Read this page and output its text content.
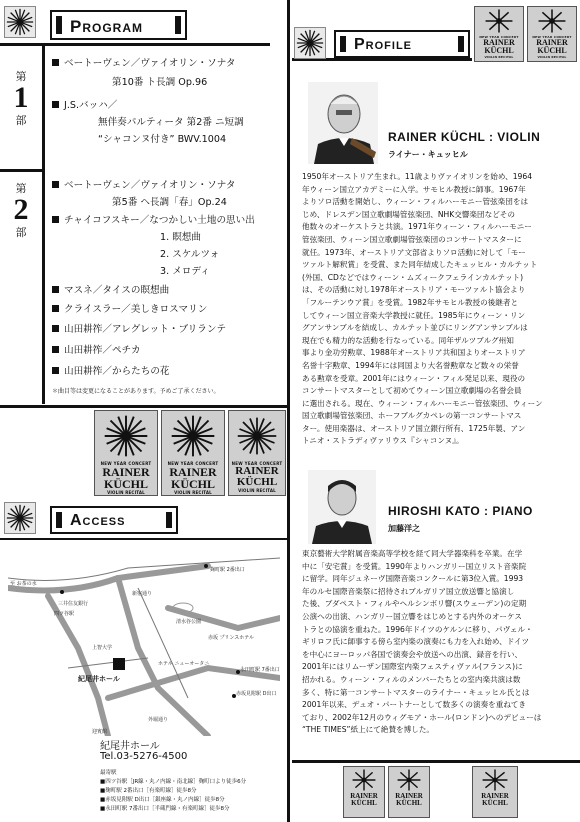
Program
第
1
部
第
2
部
ベートーヴェン／ヴァイオリン・ソナタ
第10番 ト長調 Op.96
J.S.バッハ／
無伴奏パルティータ 第2番 ニ短調
“シャコンヌ付き” BWV.1004
ベートーヴェン／ヴァイオリン・ソナタ
第5番 ヘ長調「春」Op.24
チャイコフスキー／なつかしい土地の思い出
1. 瞑想曲
2. スケルツォ
3. メロディ
マスネ／タイスの瞑想曲
クライスラー／美しきロスマリン
山田耕筰／アレグレット・ブリランテ
山田耕筰／ペチカ
山田耕筰／からたちの花
＊曲目等は変更になることがあります。予めご了承ください。
NEW YEAR CONCERT
RAINER
KÜCHL
VIOLIN RECITAL
NEW YEAR CONCERT
RAINER
KÜCHL
VIOLIN RECITAL
NEW YEAR CONCERT
RAINER
KÜCHL
VIOLIN RECITAL
NEW YEAR CONCERT
RAINER
KÜCHL
VIOLIN RECITAL
NEW YEAR CONCERT
RAINER
KÜCHL
VIOLIN RECITAL
RAINER
KÜCHL
RAINER
KÜCHL
RAINER
KÜCHL
Profile
RAINER KÜCHL : VIOLIN
ライナー・キュッヒル
1950年オーストリア生まれ。11歳よりヴァイオリンを始め、1964
年ウィーン国立アカデミーに入学。サモヒル教授に師事。1967年
よりソロ活動を開始し、ウィーン・フィルハーモニー管弦楽団をは
じめ、ドレスデン国立歌劇場管弦楽団、NHK交響楽団などその
他数々のオーケストラと共演。1971年ウィーン・フィルハーモニー
管弦楽団、ウィーン国立歌劇場管弦楽団のコンサートマスターに
就任。1973年、オーストリア文部省よりソロ活動に対して「モー
ツァルト解釈賞」を受賞、また同年結成したキュッヒル・カルテット
(外国、CDなどではウィーン・ムズィークフェラインカルテット)
は、その活動に対し1978年オーストリア・モーツァルト協会より
「フルーテンウア賞」を受賞。1982年サモヒル教授の後継者と
してウィーン国立音楽大学教授に就任。1985年にウィーン・リン
グアンサンブルを結成し、カルテット並びにリングアンサンブルは
現在でも精力的な活動を行なっている。同年ザルツブルグ州知
事より金功労勲章、1988年オーストリア共和国よりオーストリア
名誉十字勲章、1994年には同国より大名誉勲章など数々の栄誉
ある勲章を受章。2001年にはウィーン・フィル発足以来、現役の
コンサートマスターとして初めてウィーン国立歌劇場の名誉会員
に選出される。現在、ウィーン・フィルハーモニー管弦楽団、ウィーン
国立歌劇場管弦楽団、ホーフブルグカペレの第一コンサートマス
ター。使用楽器は、オーストリア国立銀行所有、1725年製、アン
トニオ・ストラディヴァリウス『シャコンヌ』。
HIROSHI KATO : PIANO
加藤洋之
東京藝術大学附属音楽高等学校を経て同大学器楽科を卒業。在学
中に「安宅賞」を受賞。1990年よりハンガリー国立リスト音楽院
に留学。同年ジュネーヴ国際音楽コンクールに第3位入賞。1993
年のルセ国際音楽祭に招待されブルガリア国立放送響と協演し
た後、ブダペスト・フィルやヘルシンボリ響(スウェーデン)の定期
公演への出演、ハンガリー国立響をはじめとする内外のオーケス
トラとの協演を重ねた。1996年ドイツのケルンに移り、パヴェル・
ギリロフ氏に師事する傍ら室内楽の演奏にも力を入れ始め、ドイツ
を中心にヨーロッパ各国で演奏会や放送への出演、録音を行い、
2001年にはリムーザン国際室内楽フェスティヴァル(フランス)に
招かれる。ウィーン・フィルのメンバーたちとの室内楽共演は数
多く、特に第一コンサートマスターのライナー・キュッヒル氏とは
2001年以来、デュオ・パートナーとして数多くの演奏を重ねてき
ており、2002年12月のウィグモア・ホール(ロンドン)へのデビューは
“THE TIMES”紙上にて絶賛を博した。
Access
至 お茶の水
三井住友銀行
四ツ谷駅
麹町駅 2番出口
新宿通り
清水谷公園
上智大学
ホテル ニューオータニ
赤坂 プリンスホテル
紀尾井ホール
永田町駅 7番出口
赤坂見附駅 D出口
外堀通り
迎賓館
紀尾井ホール
Tel.03-5276-4500
最寄駅
■四ツ谷駅［JR線・丸ノ内線・南北線］麹町口より徒歩6分
■麹町駅 2番出口［有楽町線］徒歩8分
■赤坂見附駅 D出口［銀座線・丸ノ内線］徒歩8分
■永田町駅 7番出口［半蔵門線・有楽町線］徒歩8分
